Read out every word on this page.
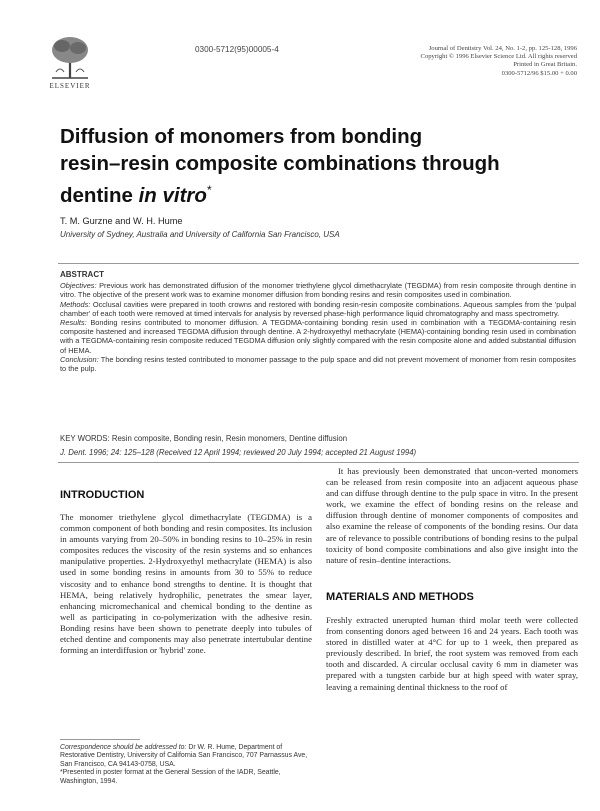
ELSEVIER
0300-5712(95)00005-4	Journal of Dentistry Vol. 24, No. 1-2, pp. 125-128, 1996
Copyright © 1996 Elsevier Science Ltd. All rights reserved
Printed in Great Britain.
0300-5712/96 $15.00 + 0.00
Diffusion of monomers from bonding
resin–resin composite combinations through
dentine in vitro*
T. M. Gurzne and W. H. Hume
University of Sydney, Australia and University of California San Francisco, USA
ABSTRACT

Objectives: Previous work has demonstrated diffusion of the monomer triethylene glycol dimethacrylate (TEGDMA) from resin composite through dentine in vitro. The objective of the present work was to examine monomer diffusion from bonding resins and resin composites used in combination.

Methods: Occlusal cavities were prepared in tooth crowns and restored with bonding resin-resin composite combinations. Aqueous samples from the 'pulpal chamber' of each tooth were removed at timed intervals for analysis by reversed phase-high performance liquid chromatography and mass spectrometry.

Results: Bonding resins contributed to monomer diffusion. A TEGDMA-containing bonding resin used in combination with a TEGDMA-containing resin composite hastened and increased TEGDMA diffusion through dentine. A 2-hydroxyethyl methacrylate (HEMA)-containing bonding resin used in combination with a TEGDMA-containing resin composite reduced TEGDMA diffusion only slightly compared with the resin composite alone and added substantial diffusion of HEMA.

Conclusion: The bonding resins tested contributed to monomer passage to the pulp space and did not prevent movement of monomer from resin composites to the pulp.

KEY WORDS: Resin composite, Bonding resin, Resin monomers, Dentine diffusion
J. Dent. 1996; 24: 125–128 (Received 12 April 1994; reviewed 20 July 1994; accepted 21 August 1994)
INTRODUCTION

The monomer triethylene glycol dimethacrylate (TEGDMA) is a common component of both bonding and resin composites. Its inclusion in amounts varying from 20–50% in bonding resins to 10–25% in resin composites reduces the viscosity of the resin systems and so enhances manipulative properties. 2-Hydroxyethyl methacrylate (HEMA) is also used in some bonding resins in amounts from 30 to 55% to reduce viscosity and to enhance bond strengths to dentine. It is thought that HEMA, being relatively hydrophilic, penetrates the smear layer, enhancing micromechanical and chemical bonding to the dentine as well as participating in co-polymerization with the adhesive resin. Bonding resins have been shown to penetrate deeply into tubules of etched dentine and components may also penetrate intertubular dentine forming an interdiffusion or 'hybrid' zone.

Correspondence should be addressed to: Dr W. R. Hume, Department of Restorative Dentistry, University of California San Francisco, 707 Parnassus Ave, San Francisco, CA 94143-0758, USA.
*Presented in poster format at the General Session of the IADR, Seattle, Washington, 1994.

It has previously been demonstrated that uncon-verted monomers can be released from resin composite into an adjacent aqueous phase and can diffuse through dentine to the pulp space in vitro. In the present work, we examine the effect of bonding resins on the release and diffusion through dentine of monomer components of composites and also examine the release of components of the bonding resins. Our data are of relevance to possible contributions of bonding resins to the pulpal toxicity of bond composite combinations and also give insight into the nature of resin–dentine interactions.

MATERIALS AND METHODS

Freshly extracted unerupted human third molar teeth were collected from consenting donors aged between 16 and 24 years. Each tooth was stored in distilled water at 4°C for up to 1 week, then prepared as previously described. In brief, the root system was removed from each tooth and discarded. A circular occlusal cavity 6 mm in diameter was prepared with a tungsten carbide bur at high speed with water spray, leaving a remaining dentinal thickness to the roof of
